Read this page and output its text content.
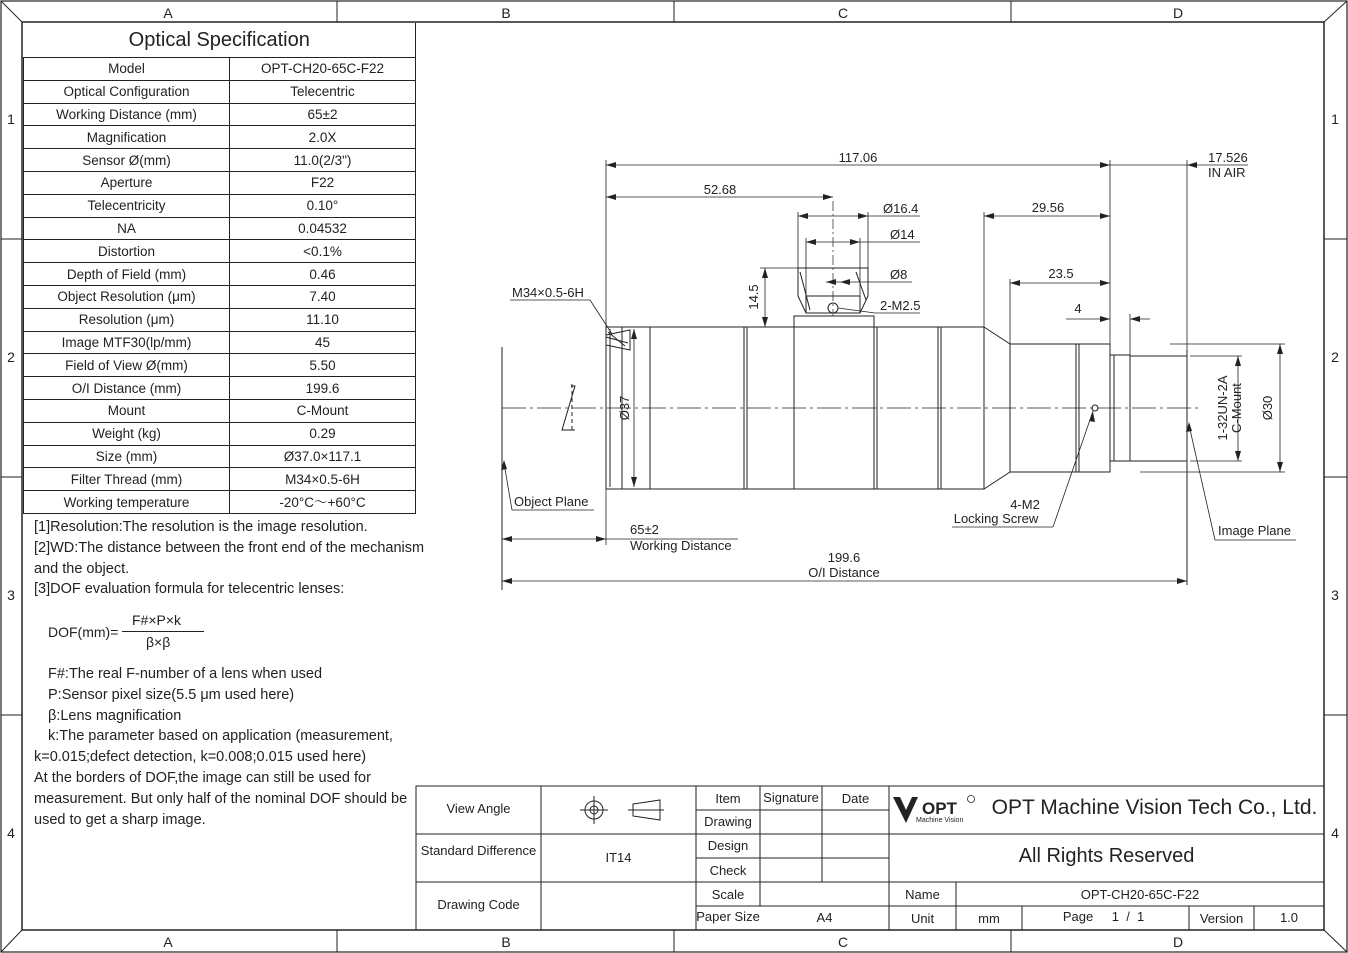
A	B	C	D
A	B	C	D
1
2
3
4
1
2
3
4
117.06	17.526
IN AIR
52.68
Ø16.4
Ø14
Ø8
2-M2.5
14.5
29.56
23.5
4
M34×0.5-6H
Ø37	Ø30
1-32UN-2A C-Mount
4-M2
Locking Screw
65±2
Working Distance
199.6
O/I Distance
Object Plane
Image Plane
OPT
Machine Vision
Optical Specification	
Model	OPT-CH20-65C-F22
Optical Configuration	Telecentric
Working Distance (mm)	65±2
Magnification	2.0X
Sensor Ø(mm)	11.0(2/3")
Aperture	F22
Telecentricity	0.10°
NA	0.04532
Distortion	<0.1%
Depth of Field (mm)	0.46
Object Resolution (μm)	7.40
Resolution (μm)	11.10
Image MTF30(lp/mm)	45
Field of View Ø(mm)	5.50
O/I Distance (mm)	199.6
Mount	C-Mount
Weight (kg)	0.29
Size (mm)	Ø37.0×117.1
Filter Thread (mm)	M34×0.5-6H
Working temperature	-20°C～+60°C

[1]Resolution:The resolution is the image resolution.

[2]WD:The distance between the front end of the mechanism and the object.

[3]DOF evaluation formula for telecentric lenses:

DOF(mm)=
F#×P×k
β×β

F#:The real F-number of a lens when used

P:Sensor pixel size(5.5 μm used here)

β:Lens magnification

k:The parameter based on application (measurement, k=0.015;defect detection, k=0.008;0.015 used here)

At the borders of DOF,the image can still be used for measurement. But only half of the nominal DOF should be used to get a sharp image.

View Angle
Standard Difference	IT14
Drawing Code
Item	Signature	Date
Drawing
Design
Check
Scale
Paper Size	A4
OPT Machine Vision Tech Co., Ltd.
All Rights Reserved
Name	OPT-CH20-65C-F22
Unit	mm	Page	1  /  1	Version	1.0
